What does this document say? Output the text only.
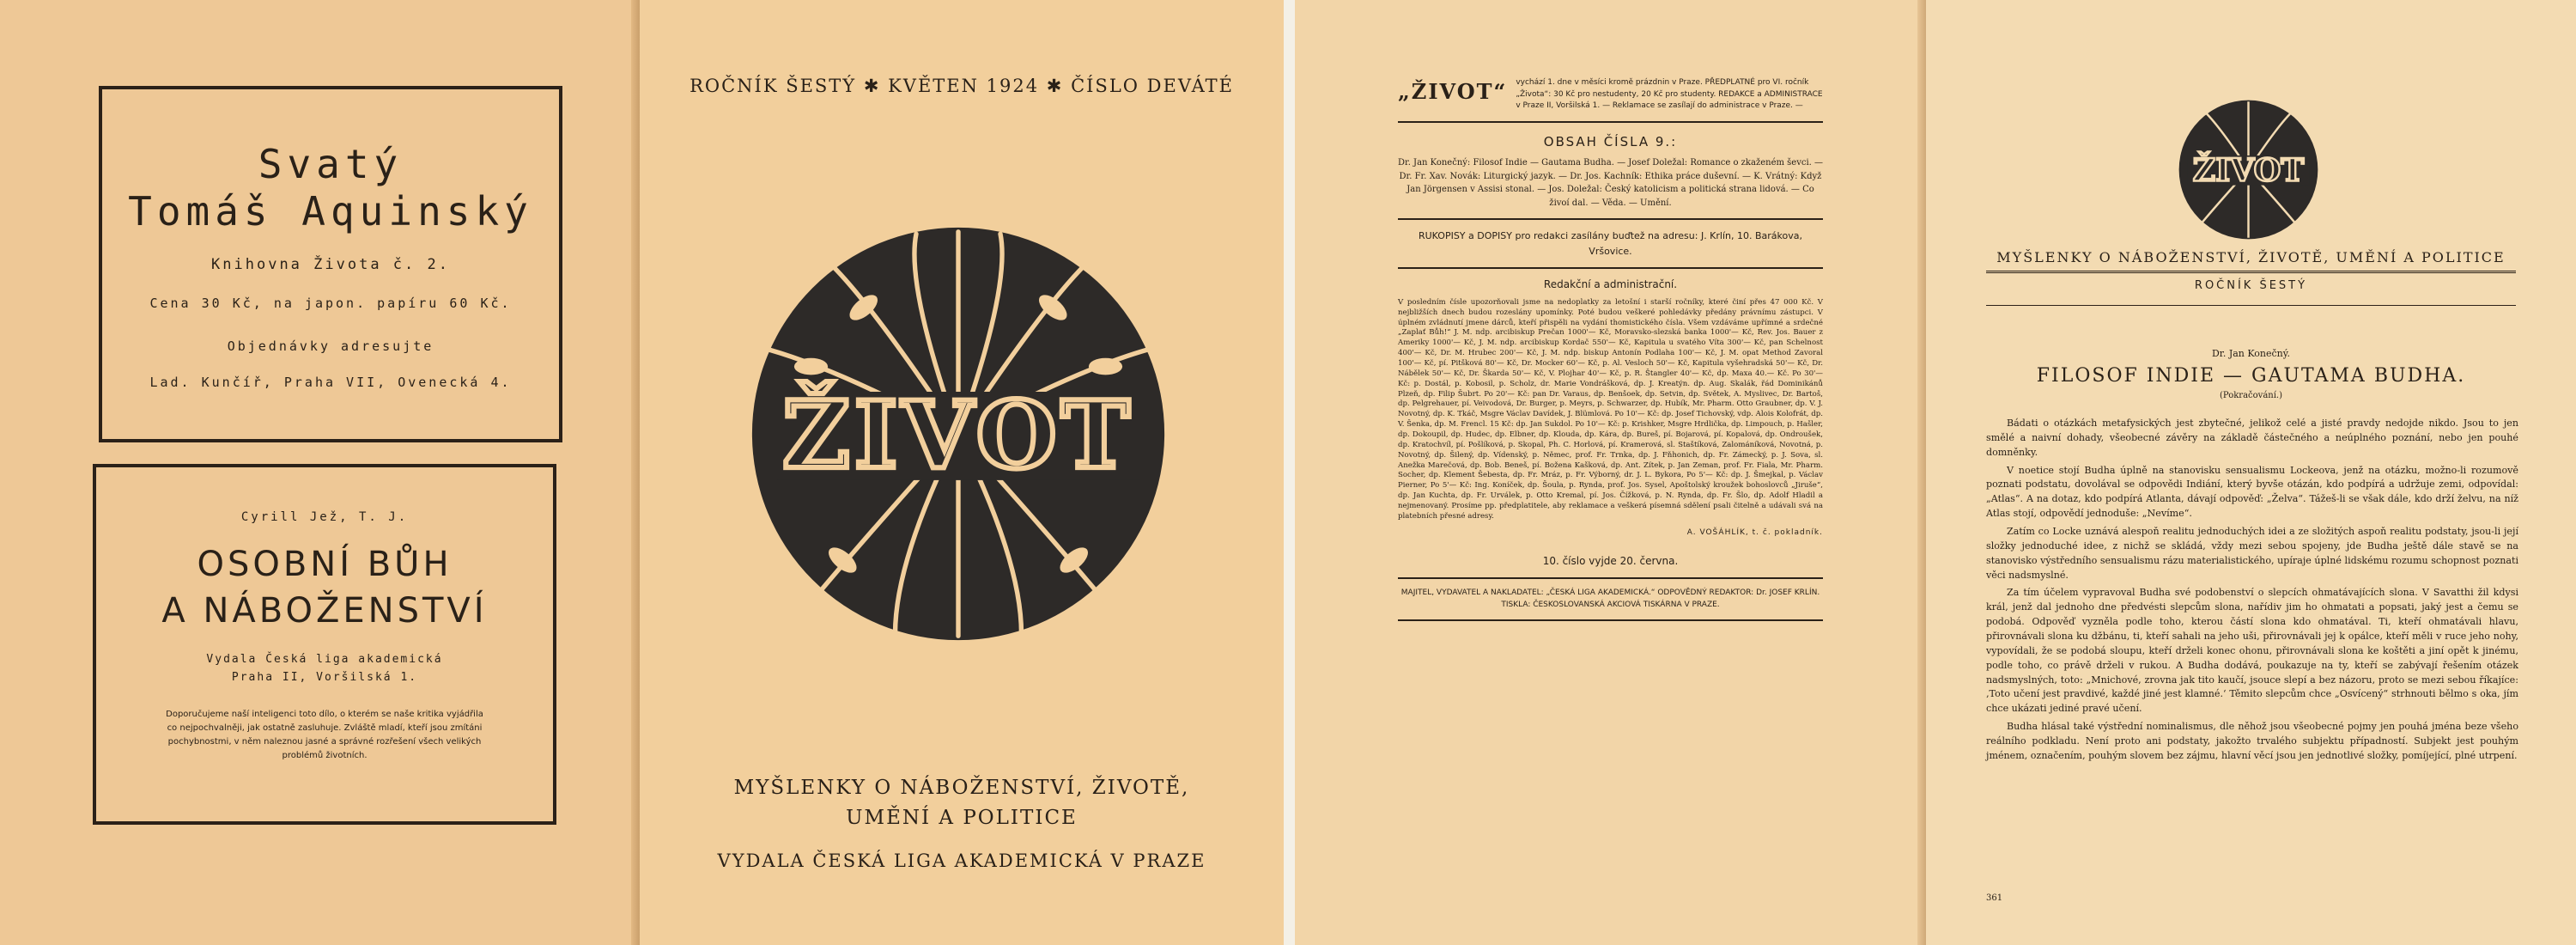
Svatý
Tomáš Aquinský
Knihovna Života č. 2.
Cena 30 Kč, na japon. papíru 60 Kč.
Objednávky adresujte
Lad. Kunčíř, Praha VII, Ovenecká 4.
Cyrill Jež, T. J.
OSOBNÍ BŮH
A NÁBOŽENSTVÍ
Vydala Česká liga akademická
Praha II, Voršilská 1.
Doporučujeme naší inteligenci toto dílo, o kterém se naše kritika vyjádřila co nejpochvalněji, jak ostatně zasluhuje. Zvláště mladí, kteří jsou zmítáni pochybnostmi, v něm naleznou jasné a správné rozřešení všech velikých problémů životních.
ROČNÍK ŠESTÝ ✱ KVĚTEN 1924 ✱ ČÍSLO DEVÁTÉ
ŽIVOT
MYŠLENKY O NÁBOŽENSTVÍ, ŽIVOTĚ, UMĚNÍ A POLITICE
VYDALA ČESKÁ LIGA AKADEMICKÁ V PRAZE
„ŽIVOT“ vychází 1. dne v měsíci kromě prázdnin v Praze. PŘEDPLATNÉ pro VI. ročník „Života“: 30 Kč pro nestudenty, 20 Kč pro studenty. REDAKCE a ADMINISTRACE v Praze II, Voršilská 1. — Reklamace se zasílají do administrace v Praze. —
OBSAH ČÍSLA 9.:
Dr. Jan Konečný: Filosof Indie — Gautama Budha. — Josef Doležal: Romance o zkaženém ševci. — Dr. Fr. Xav. Novák: Liturgický jazyk. — Dr. Jos. Kachník: Ethika práce duševní. — K. Vrátný: Když Jan Jörgensen v Assisi stonal. — Jos. Doležal: Český katolicism a politická strana lidová. — Co živoí dal. — Věda. — Umění.
RUKOPISY a DOPISY pro redakci zasílány buďtež na adresu: J. Krlín, 10. Barákova, Vršovice.
Redakční a administrační.
V posledním čísle upozorňovali jsme na nedoplatky za letošní i starší ročníky, které činí přes 47 000 Kč. V nejbližších dnech budou rozeslány upomínky. Poté budou veškeré pohledávky předány právnímu zástupci. V úplném zvládnutí jmene dárců, kteří přispěli na vydání thomistického čísla. Všem vzdáváme upřímné a srdečné „Zaplať Bůh!“ J. M. ndp. arcibiskup Prečan 1000'— Kč, Moravsko-slezská banka 1000'— Kč, Rev. Jos. Bauer z Ameriky 1000'— Kč, J. M. ndp. arcibiskup Kordač 550'— Kč, Kapitula u svatého Víta 300'— Kč, pan Schelnost 400'— Kč, Dr. M. Hrubec 200'— Kč, J. M. ndp. biskup Antonín Podlaha 100'— Kč, J. M. opat Method Zavoral 100'— Kč, pí. Pitšková 80'— Kč, Dr. Mocker 60'— Kč, p. Al. Vesloch 50'— Kč, Kapitula vyšehradská 50'— Kč, Dr. Nábělek 50'— Kč, Dr. Škarda 50'— Kč, V. Plojhar 40'— Kč, p. R. Štangler 40'— Kč, dp. Maxa 40.— Kč. Po 30'— Kč: p. Dostál, p. Kobosil, p. Scholz, dr. Marie Vondrášková, dp. J. Kreatýn. dp. Aug. Skalák, řád Dominikánů Plzeň, dp. Filip Šubrt. Po 20'— Kč: pan Dr. Varaus, dp. Benšoek, dp. Setvin, dp. Světek, A. Myslivec, Dr. Bartoš, dp. Pelgrehauer, pí. Veivodová, Dr. Burger, p. Meyrs, p. Schwarzer, dp. Hubík, Mr. Pharm. Otto Graubner, dp. V. J. Novotný, dp. K. Tkáč, Msgre Václav Davídek, J. Blümlová. Po 10'— Kč: dp. Josef Tichovský, vdp. Alois Kolofrát, dp. V. Šenka, dp. M. Frencl. 15 Kč: dp. Jan Sukdol. Po 10'— Kč: p. Krishker, Msgre Hrdlička, dp. Limpouch, p. Hašler, dp. Dokoupil, dp. Hudec, dp. Elbner, dp. Klouda, dp. Kára, dp. Bureš, pí. Bojarová, pí. Kopalová, dp. Ondroušek, dp. Kratochvíl, pí. Pošlíková, p. Skopal, Ph. C. Horlová, pí. Kramerová, sl. Staštíková, Zalománíková, Novotná, p. Novotný, dp. Šilený, dp. Vídenský, p. Němec, prof. Fr. Trnka, dp. J. Fňhonich, dp. Fr. Zámecký, p. J. Sova, sl. Anežka Marečová, dp. Bob. Beneš, pí. Božena Kašková, dp. Ant. Zítek, p. Jan Zeman, prof. Fr. Fiala, Mr. Pharm. Socher, dp. Klement Šebesta, dp. Fr. Mráz, p. Fr. Výborný, dr. J. L. Bykora, Po 5'— Kč: dp. J. Šmejkal, p. Václav Pierner, Po 5'— Kč: Ing. Koníček, dp. Šoula, p. Rynda, prof. Jos. Sysel, Apoštolský kroužek bohoslovců „Jiruše“, dp. Jan Kuchta, dp. Fr. Urválek, p. Otto Kremal, pí. Jos. Čížková, p. N. Rynda, dp. Fr. Šlo, dp. Adolf Hladil a nejmenovaný. Prosíme pp. předplatitele, aby reklamace a veškerá písemná sdělení psali čitelně a udávali svá na platebních přesné adresy.
A. VOŠÁHLÍK, t. č. pokladník.
10. číslo vyjde 20. června.
MAJITEL, VYDAVATEL A NAKLADATEL: „ČESKÁ LIGA AKADEMICKÁ.“ ODPOVĚDNÝ REDAKTOR: Dr. JOSEF KRLÍN. TISKLA: ČESKOSLOVANSKÁ AKCIOVÁ TISKÁRNA V PRAZE.
ŽIVOT
MYŠLENKY O NÁBOŽENSTVÍ, ŽIVOTĚ, UMĚNÍ A POLITICE
ROČNÍK ŠESTÝ
Dr. Jan Konečný.
FILOSOF INDIE — GAUTAMA BUDHA.
(Pokračování.)

Bádati o otázkách metafysických jest zbytečné, jelikož celé a jisté pravdy nedojde nikdo. Jsou to jen smělé a naivní dohady, všeobecné závěry na základě částečného a neúplného poznání, nebo jen pouhé domněnky.

V noetice stojí Budha úplně na stanovisku sensualismu Lockeova, jenž na otázku, možno-li rozumově poznati podstatu, dovolával se odpovědi Indiání, který byvše otázán, kdo podpírá a udržuje zemi, odpovídal: „Atlas“. A na dotaz, kdo podpírá Atlanta, dávají odpověď: „Želva“. Tážeš-li se však dále, kdo drží želvu, na níž Atlas stojí, odpovědí jednoduše: „Nevíme“.

Zatím co Locke uznává alespoň realitu jednoduchých idei a ze složitých aspoň realitu podstaty, jsou-li její složky jednoduché idee, z nichž se skládá, vždy mezi sebou spojeny, jde Budha ještě dále stavě se na stanovisko výstředního sensualismu rázu materialistického, upíraje úplné lidskému rozumu schopnost poznati věci nadsmyslné.

Za tím účelem vypravoval Budha své podobenství o slepcích ohmatávajících slona. V Savatthi žil kdysi král, jenž dal jednoho dne předvésti slepcům slona, nařídiv jim ho ohmatati a popsati, jaký jest a čemu se podobá. Odpověď vyzněla podle toho, kterou částí slona kdo ohmatával. Ti, kteří ohmatávali hlavu, přirovnávali slona ku džbánu, ti, kteří sahali na jeho uši, přirovnávali jej k opálce, kteří měli v ruce jeho nohy, vypovídali, že se podobá sloupu, kteří drželi konec ohonu, přirovnávali slona ke koštěti a jiní opět k jinému, podle toho, co právě drželi v rukou. A Budha dodává, poukazuje na ty, kteří se zabývají řešením otázek nadsmyslných, toto: „Mnichové, zrovna jak tito kaučí, jsouce slepí a bez názoru, proto se mezi sebou říkajíce: ‚Toto učení jest pravdivé, každé jiné jest klamné.‘ Těmito slepcům chce „Osvícený“ strhnouti bělmo s oka, jím chce ukázati jediné pravé učení.

Budha hlásal také výstřední nominalismus, dle něhož jsou všeobecné pojmy jen pouhá jména beze všeho reálního podkladu. Není proto ani podstaty, jakožto trvalého subjektu případností. Subjekt jest pouhým jménem, označením, pouhým slovem bez zájmu, hlavní věcí jsou jen jednotlivé složky, pomíjející, plné utrpení.

361
